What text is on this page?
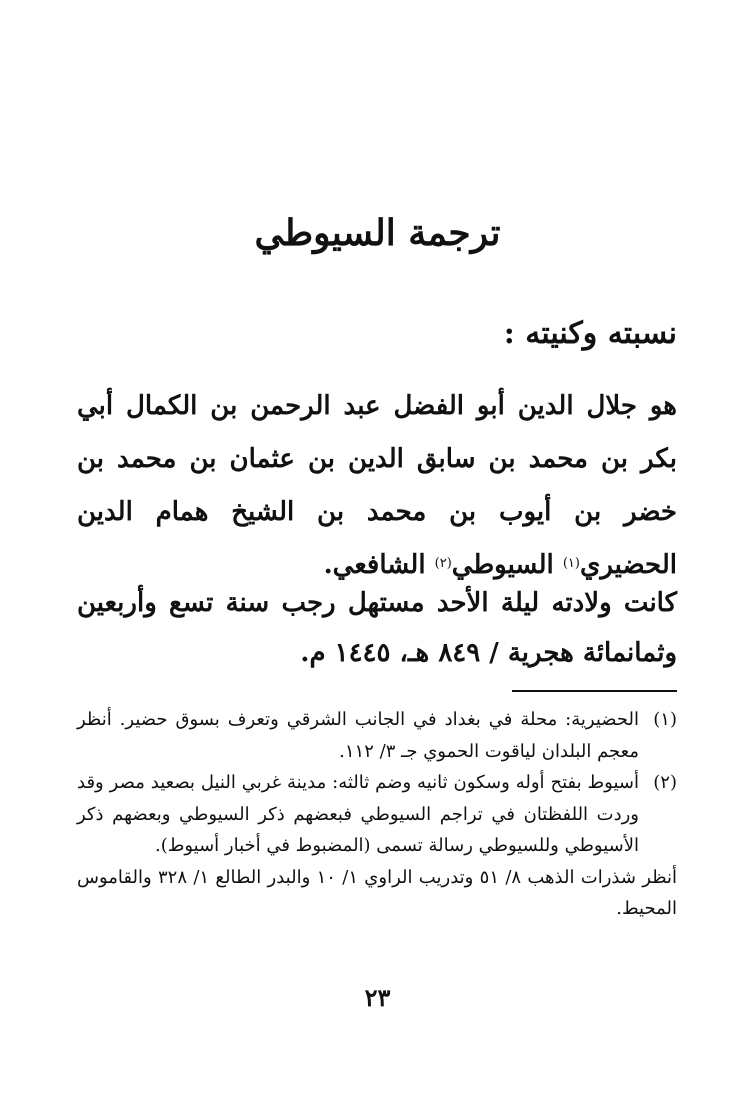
ترجمة السيوطي
نسبته وكنيته :

هو جلال الدين أبو الفضل عبد الرحمن بن الكمال أبي بكر بن محمد بن سابق الدين بن عثمان بن محمد بن خضر بن أيوب بن محمد بن الشيخ همام الدين الحضيري$^{(١)}$ السيوطي$^{(٢)}$ الشافعي.

كانت ولادته ليلة الأحد مستهل رجب سنة تسع وأربعين وثمانمائة هجرية / ٨٤٩ هـ، ١٤٤٥ م.

(١)
الحضيرية: محلة في بغداد في الجانب الشرقي وتعرف بسوق حضير. أنظر معجم البلدان لياقوت الحموي جـ ٣/ ١١٢.
(٢)
أسيوط بفتح أوله وسكون ثانيه وضم ثالثه: مدينة غربي النيل بصعيد مصر وقد وردت اللفظتان في تراجم السيوطي فبعضهم ذكر السيوطي وبعضهم ذكر الأسيوطي وللسيوطي رسالة تسمى (المضبوط في أخبار أسيوط).

أنظر شذرات الذهب ٨/ ٥١ وتدريب الراوي ١/ ١٠ والبدر الطالع ١/ ٣٢٨ والقاموس المحيط.

٢٣
